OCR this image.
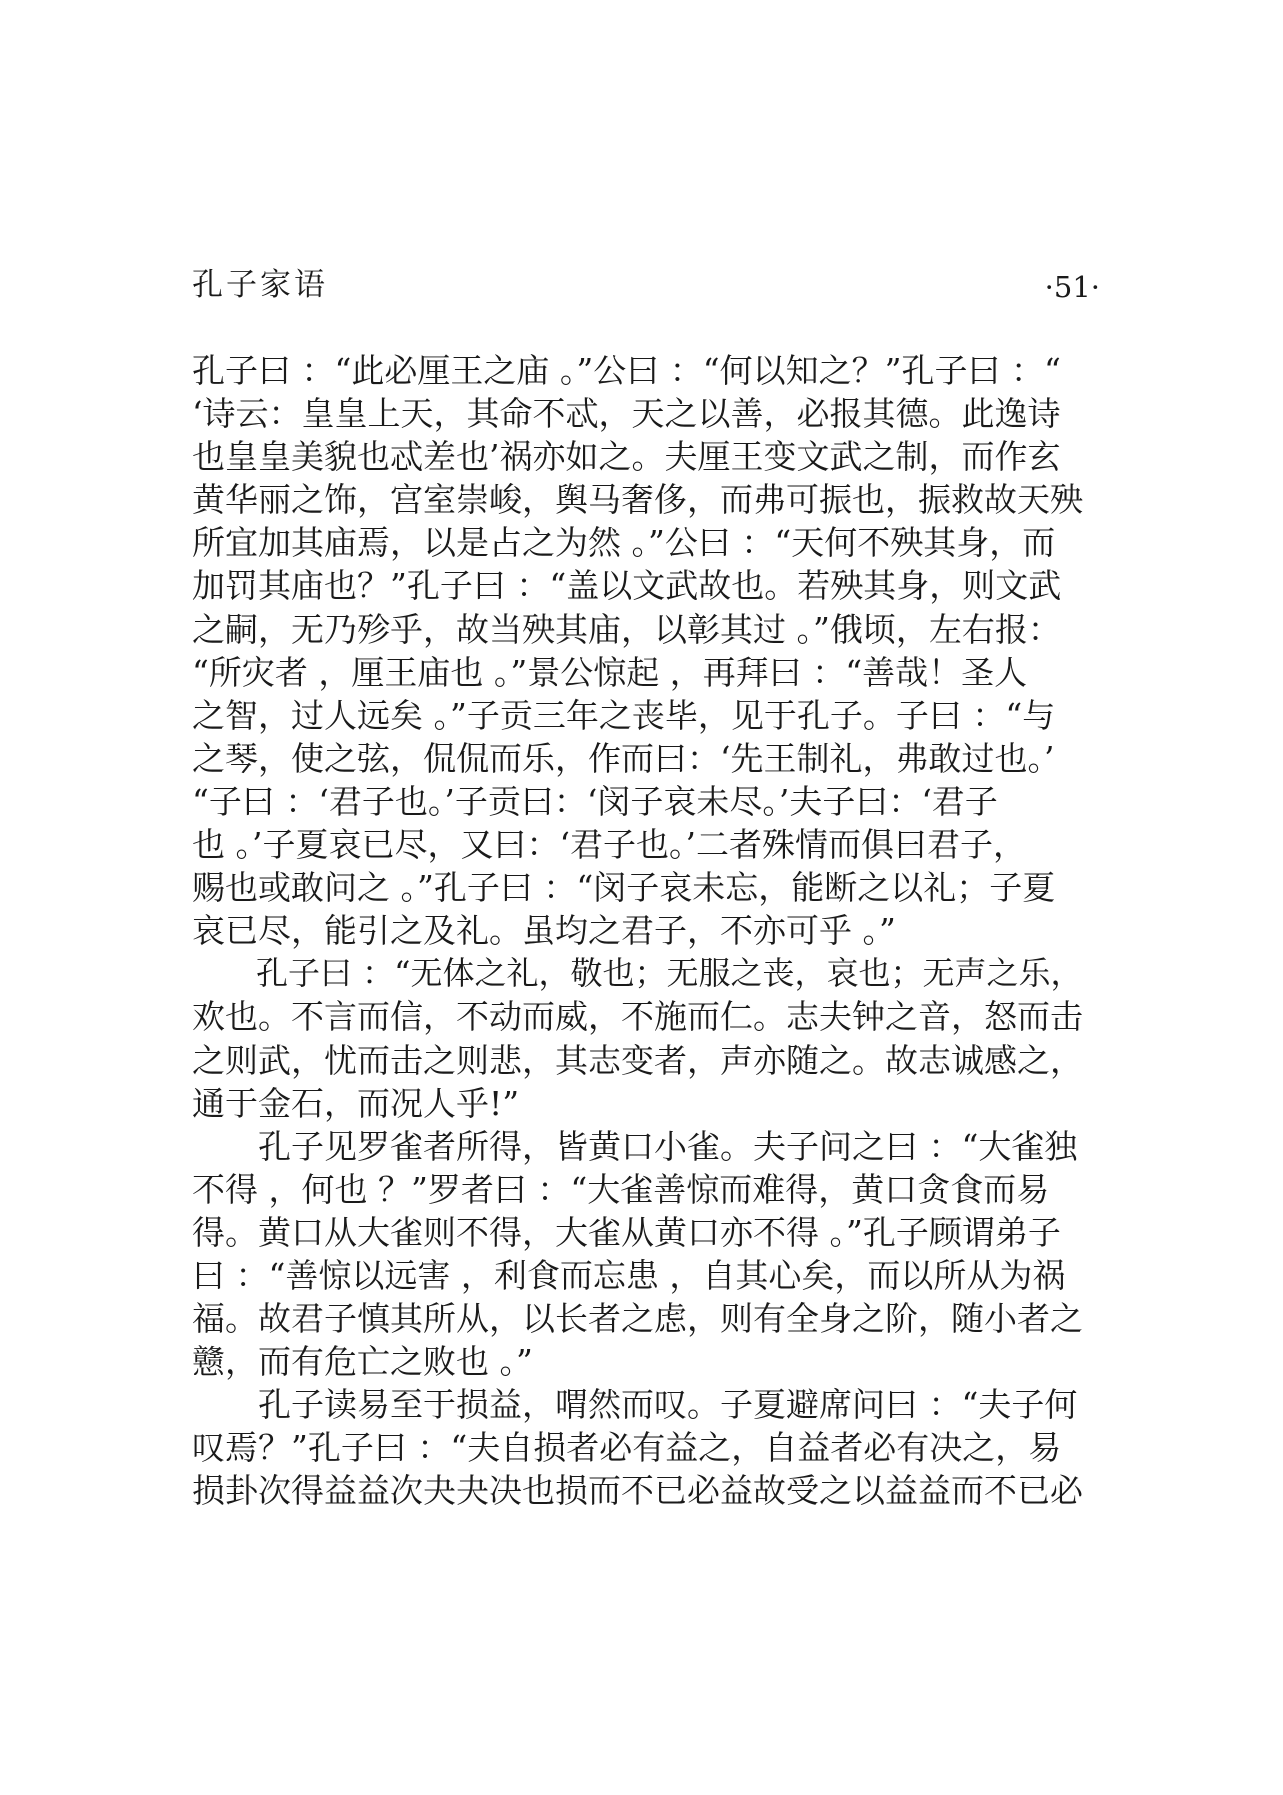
孔子家语	·51·
孔子曰 ：“此必厘王之庙 。”公曰 ：“何以知之？”孔子曰 ：“
‘诗云：皇皇上天，其命不忒，天之以善，必报其德。此逸诗
也皇皇美貌也忒差也’祸亦如之。夫厘王变文武之制，而作玄
黄华丽之饰，宫室崇峻，舆马奢侈，而弗可振也，振救故天殃
所宜加其庙焉，以是占之为然 。”公曰 ：“天何不殃其身，而
加罚其庙也？”孔子曰 ：“盖以文武故也。若殃其身，则文武
之嗣，无乃殄乎，故当殃其庙，以彰其过 。”俄顷，左右报：
“所灾者 ，厘王庙也 。”景公惊起 ，再拜曰 ：“善哉！圣人
之智，过人远矣 。”子贡三年之丧毕，见于孔子。子曰 ：“与
之琴，使之弦，侃侃而乐，作而曰：‘先王制礼，弗敢过也。’
“子曰 ：‘君子也。’子贡曰：‘闵子哀未尽。’夫子曰：‘君子
也 。’子夏哀已尽，又曰：‘君子也。’二者殊情而俱曰君子，
赐也或敢问之 。”孔子曰 ：“闵子哀未忘，能断之以礼；子夏
哀已尽，能引之及礼。虽均之君子，不亦可乎 。”
　　孔子曰 ：“无体之礼，敬也；无服之丧，哀也；无声之乐，
欢也。不言而信，不动而威，不施而仁。志夫钟之音，怒而击
之则武，忧而击之则悲，其志变者，声亦随之。故志诚感之，
通于金石，而况人乎!”
　　孔子见罗雀者所得，皆黄口小雀。夫子问之曰 ：“大雀独
不得 ，何也 ？”罗者曰 ：“大雀善惊而难得，黄口贪食而易
得。黄口从大雀则不得，大雀从黄口亦不得 。”孔子顾谓弟子
曰 ：“善惊以远害 ，利食而忘患 ，自其心矣，而以所从为祸
福。故君子慎其所从，以长者之虑，则有全身之阶，随小者之
戆，而有危亡之败也 。”
　　孔子读易至于损益，喟然而叹。子夏避席问曰 ：“夫子何
叹焉？”孔子曰 ：“夫自损者必有益之，自益者必有决之，易
损卦次得益益次夬夬决也损而不已必益故受之以益益而不已必
